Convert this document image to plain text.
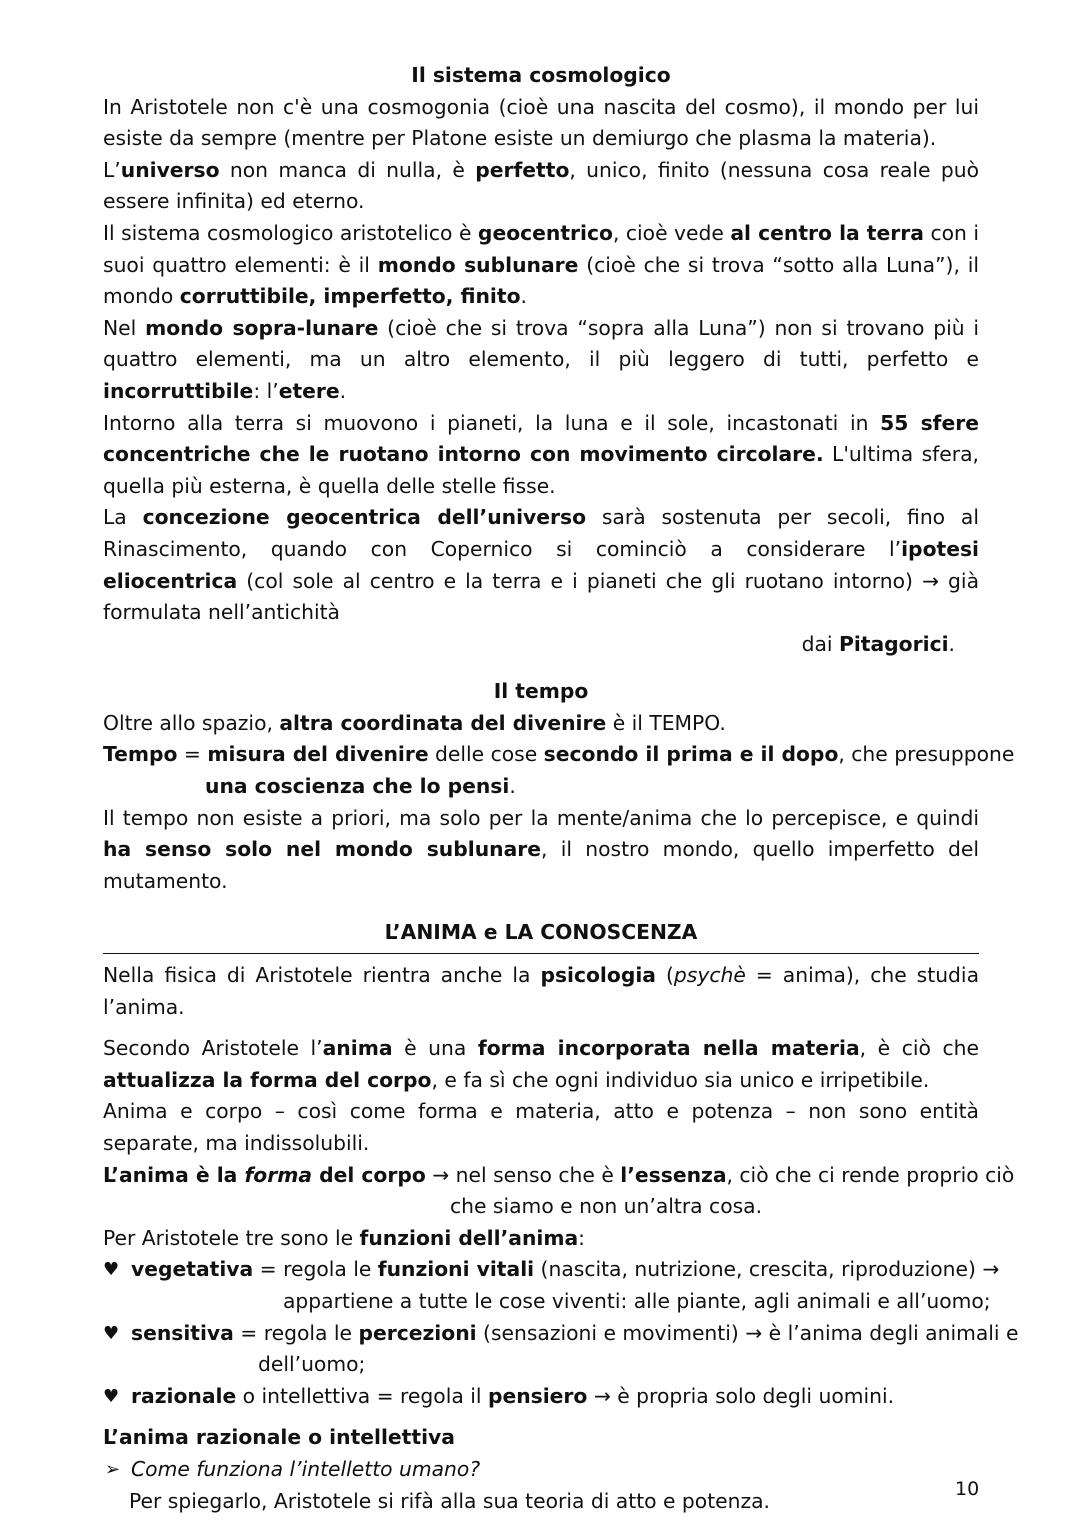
Il sistema cosmologico

In Aristotele non c'è una cosmogonia (cioè una nascita del cosmo), il mondo per lui esiste da sempre (mentre per Platone esiste un demiurgo che plasma la materia).

L’universo non manca di nulla, è perfetto, unico, finito (nessuna cosa reale può essere infinita) ed eterno.

Il sistema cosmologico aristotelico è geocentrico, cioè vede al centro la terra con i suoi quattro elementi: è il mondo sublunare (cioè che si trova “sotto alla Luna”), il mondo corruttibile, imperfetto, finito.

Nel mondo sopra-lunare (cioè che si trova “sopra alla Luna”) non si trovano più i quattro elementi, ma un altro elemento, il più leggero di tutti, perfetto e incorruttibile: l’etere.

Intorno alla terra si muovono i pianeti, la luna e il sole, incastonati in 55 sfere concentriche che le ruotano intorno con movimento circolare. L'ultima sfera, quella più esterna, è quella delle stelle fisse.

La concezione geocentrica dell’universo sarà sostenuta per secoli, fino al Rinascimento, quando con Copernico si cominciò a considerare l’ipotesi eliocentrica (col sole al centro e la terra e i pianeti che gli ruotano intorno) → già formulata nell’antichità

dai Pitagorici.

Il tempo

Oltre allo spazio, altra coordinata del divenire è il TEMPO.

Tempo = misura del divenire delle cose secondo il prima e il dopo, che presuppone

una coscienza che lo pensi.

Il tempo non esiste a priori, ma solo per la mente/anima che lo percepisce, e quindi ha senso solo nel mondo sublunare, il nostro mondo, quello imperfetto del mutamento.

L’ANIMA e LA CONOSCENZA

Nella fisica di Aristotele rientra anche la psicologia (psychè = anima), che studia l’anima.

Secondo Aristotele l’anima è una forma incorporata nella materia, è ciò che attualizza la forma del corpo, e fa sì che ogni individuo sia unico e irripetibile.

Anima e corpo – così come forma e materia, atto e potenza – non sono entità separate, ma indissolubili.

L’anima è la forma del corpo → nel senso che è l’essenza, ciò che ci rende proprio ciò

che siamo e non un’altra cosa.

Per Aristotele tre sono le funzioni dell’anima:

♥ vegetativa = regola le funzioni vitali (nascita, nutrizione, crescita, riproduzione) →

appartiene a tutte le cose viventi: alle piante, agli animali e all’uomo;

♥ sensitiva = regola le percezioni (sensazioni e movimenti) → è l’anima degli animali e

dell’uomo;

♥ razionale o intellettiva = regola il pensiero → è propria solo degli uomini.

L’anima razionale o intellettiva

➢ Come funziona l’intelletto umano?

Per spiegarlo, Aristotele si rifà alla sua teoria di atto e potenza.	10
